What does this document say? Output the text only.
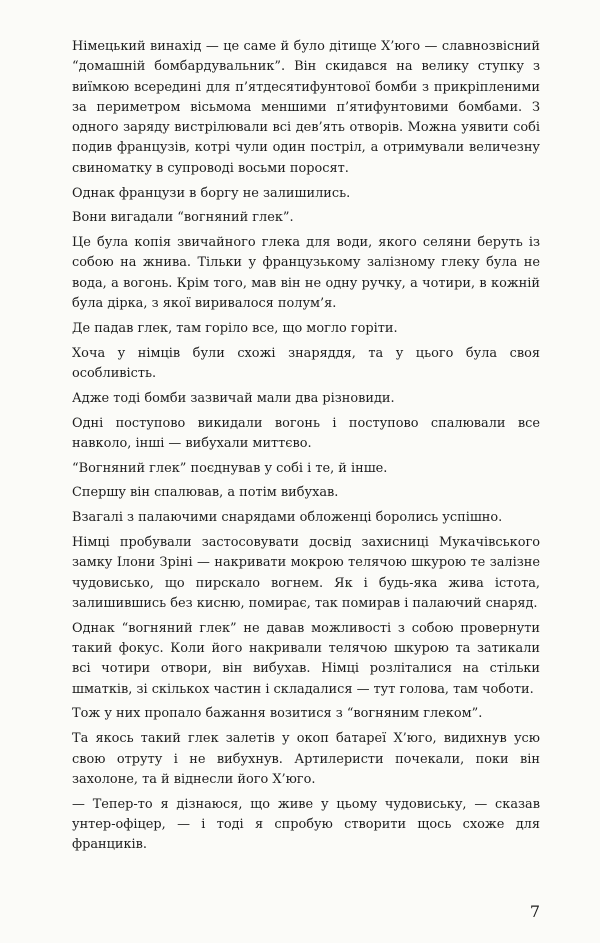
Німецький винахід — це саме й було дітище Х’юго — славнозвісний “домашній бомбардувальник”. Він скидався на велику ступку з виїмкою всередині для п’ятдесятифунтової бомби з прикріпленими за периметром вісьмома меншими п’ятифунтовими бомбами. З одного заряду вистрілювали всі дев’ять отворів. Можна уявити собі подив французів, котрі чули один постріл, а отримували величезну свиноматку в супроводі восьми поросят.

Однак французи в боргу не залишились.

Вони вигадали “вогняний глек”.

Це була копія звичайного глека для води, якого селяни беруть із собою на жнива. Тільки у французькому залізному глеку була не вода, а вогонь. Крім того, мав він не одну ручку, а чотири, в кожній була дірка, з якої виривалося полум’я.

Де падав глек, там горіло все, що могло горіти.

Хоча у німців були схожі знаряддя, та у цього була своя особливість.

Адже тоді бомби зазвичай мали два різновиди.

Одні поступово викидали вогонь і поступово спалювали все навколо, інші — вибухали миттєво.

“Вогняний глек” поєднував у собі і те, й інше.

Спершу він спалював, а потім вибухав.

Взагалі з палаючими снарядами обложенці боролись успішно.

Німці пробували застосовувати досвід захисниці Мукачівського замку Ілони Зріні — накривати мокрою телячою шкурою те залізне чудовисько, що пирскало вогнем. Як і будь-яка жива істота, залишившись без кисню, помирає, так помирав і палаючий снаряд.

Однак “вогняний глек” не давав можливості з собою провернути такий фокус. Коли його накривали телячою шкурою та затикали всі чотири отвори, він вибухав. Німці розліталися на стільки шматків, зі скількох частин і складалися — тут голова, там чоботи.

Тож у них пропало бажання возитися з “вогняним глеком”.

Та якось такий глек залетів у окоп батареї Х’юго, видихнув усю свою отруту і не вибухнув. Артилеристи почекали, поки він захолоне, та й віднесли його Х’юго.

— Тепер-то я дізнаюся, що живе у цьому чудовиську, — сказав унтер-офіцер, — і тоді я спробую створити щось схоже для франциків.

7
